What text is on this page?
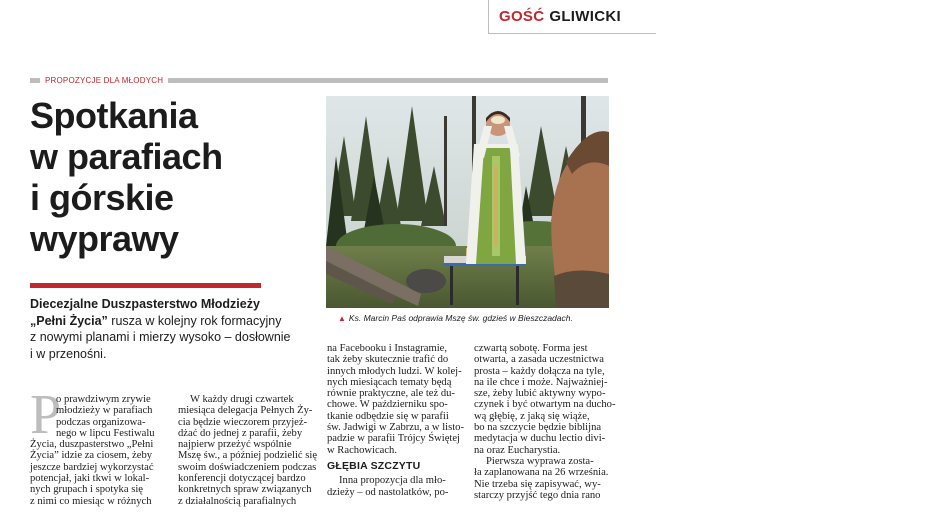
GOŚĆ GLIWICKI
PROPOZYCJE DLA MŁODYCH
Spotkania
w parafiach
i górskie
wyprawy
Diecezjalne Duszpasterstwo Młodzieży
„Pełni Życia” rusza w kolejny rok formacyjny
z nowymi planami i mierzy wysoko – dosłownie
i w przenośni.	INSTAGRAM PEŁNI ŻYCIA
▲ Ks. Marcin Paś odprawia Mszę św. gdzieś w Bieszczadach.
P
o prawdziwym zrywie
młodzieży w parafiach
podczas organizowa-
nego w lipcu Festiwalu
Życia, duszpasterstwo „Pełni
Życia” idzie za ciosem, żeby
jeszcze bardziej wykorzystać
potencjał, jaki tkwi w lokal-
nych grupach i spotyka się
z nimi co miesiąc w różnych
W każdy drugi czwartek
miesiąca delegacja Pełnych Ży-
cia będzie wieczorem przyjeż-
dżać do jednej z parafii, żeby
najpierw przeżyć wspólnie
Mszę św., a później podzielić się
swoim doświadczeniem podczas
konferencji dotyczącej bardzo
konkretnych spraw związanych
z działalnością parafialnych
na Facebooku i Instagramie,
tak żeby skutecznie trafić do
innych młodych ludzi. W kolej-
nych miesiącach tematy będą
równie praktyczne, ale też du-
chowe. W październiku spo-
tkanie odbędzie się w parafii
św. Jadwigi w Zabrzu, a w listo-
padzie w parafii Trójcy Świętej
w Rachowicach.
GŁĘBIA SZCZYTU
Inna propozycja dla mło-
dzieży – od nastolatków, po-
czwartą sobotę. Forma jest
otwarta, a zasada uczestnictwa
prosta – każdy dołącza na tyle,
na ile chce i może. Najważniej-
sze, żeby lubić aktywny wypo-
czynek i być otwartym na ducho-
wą głębię, z jaką się wiąże,
bo na szczycie będzie biblijna
medytacja w duchu lectio divi-
na oraz Eucharystia.
Pierwsza wyprawa zosta-
ła zaplanowana na 26 września.
Nie trzeba się zapisywać, wy-
starczy przyjść tego dnia rano
